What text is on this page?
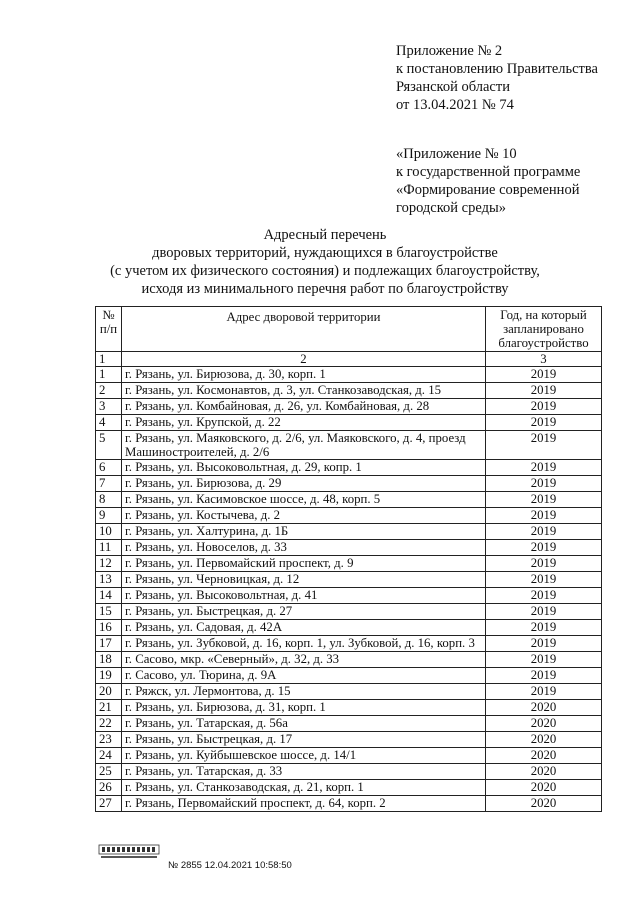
Приложение № 2
к постановлению Правительства
Рязанской области
от 13.04.2021 № 74
«Приложение № 10
к государственной программе
«Формирование современной
городской среды»
Адресный перечень
дворовых территорий, нуждающихся в благоустройстве
(с учетом их физического состояния) и подлежащих благоустройству,
исходя из минимального перечня работ по благоустройству
№ п/п	Адрес дворовой территории	Год, на который запланировано благоустройство
1	2	3
1	г. Рязань, ул. Бирюзова, д. 30, корп. 1	2019
2	г. Рязань, ул. Космонавтов, д. 3, ул. Станкозаводская, д. 15	2019
3	г. Рязань, ул. Комбайновая, д. 26, ул. Комбайновая, д. 28	2019
4	г. Рязань, ул. Крупской, д. 22	2019
5	г. Рязань, ул. Маяковского, д. 2/6, ул. Маяковского, д. 4, проезд Машиностроителей, д. 2/6	2019
6	г. Рязань, ул. Высоковольтная, д. 29, копр. 1	2019
7	г. Рязань, ул. Бирюзова, д. 29	2019
8	г. Рязань, ул. Касимовское шоссе, д. 48, корп. 5	2019
9	г. Рязань, ул. Костычева, д. 2	2019
10	г. Рязань, ул. Халтурина, д. 1Б	2019
11	г. Рязань, ул. Новоселов, д. 33	2019
12	г. Рязань, ул. Первомайский проспект, д. 9	2019
13	г. Рязань, ул. Черновицкая, д. 12	2019
14	г. Рязань, ул. Высоковольтная, д. 41	2019
15	г. Рязань, ул. Быстрецкая, д. 27	2019
16	г. Рязань, ул. Садовая, д. 42А	2019
17	г. Рязань, ул. Зубковой, д. 16, корп. 1, ул. Зубковой, д. 16, корп. 3	2019
18	г. Сасово, мкр. «Северный», д. 32, д. 33	2019
19	г. Сасово, ул. Тюрина, д. 9А	2019
20	г. Ряжск, ул. Лермонтова, д. 15	2019
21	г. Рязань, ул. Бирюзова, д. 31, корп. 1	2020
22	г. Рязань, ул. Татарская, д. 56а	2020
23	г. Рязань, ул. Быстрецкая, д. 17	2020
24	г. Рязань, ул. Куйбышевское шоссе, д. 14/1	2020
25	г. Рязань, ул. Татарская, д. 33	2020
26	г. Рязань, ул. Станкозаводская, д. 21, корп. 1	2020
27	г. Рязань, Первомайский проспект, д. 64, корп. 2	2020
№ 2855 12.04.2021 10:58:50
